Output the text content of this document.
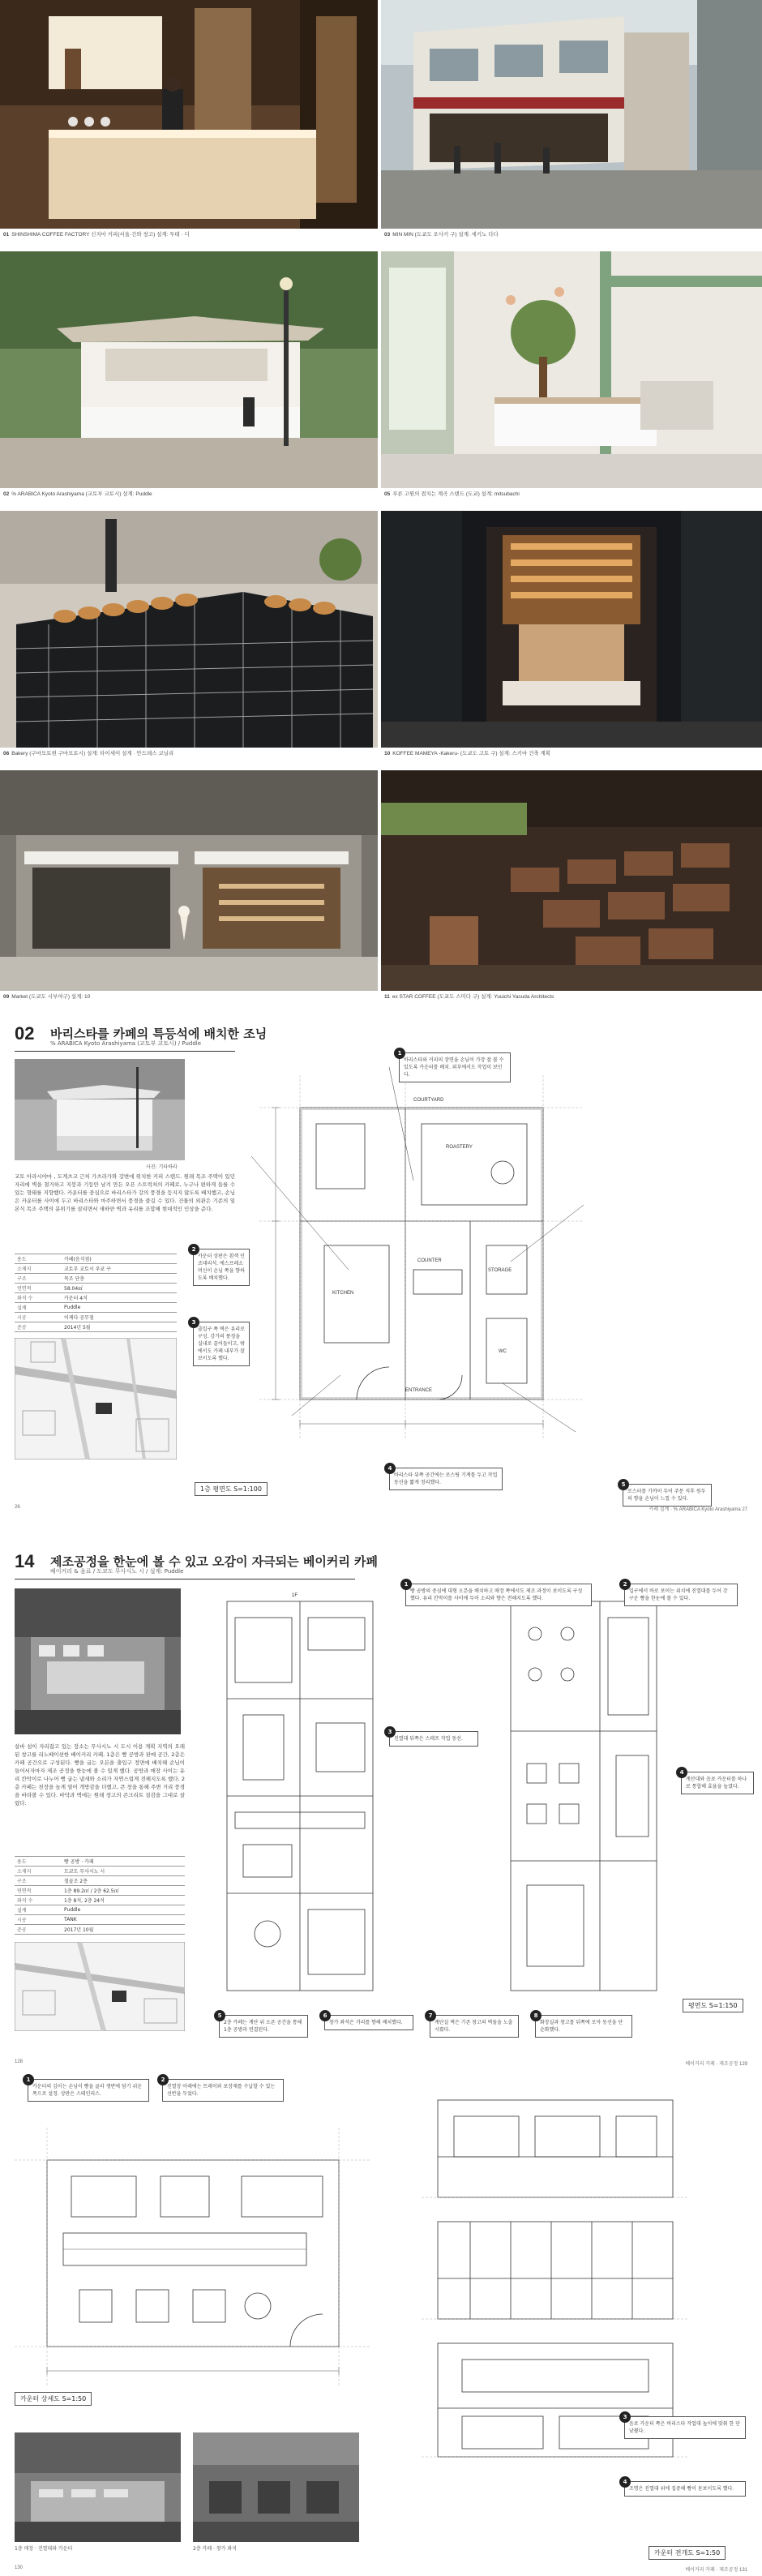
01 SHINSHIMA COFFEE FACTORY 신지마 커피(서울·간와 창고) 설계: 투테 · 디	03 MIN MIN (도쿄도 오사키 구) 설계: 세키노 다다
02 % ARABICA Kyoto Arashiyama (교토부 교토시) 설계: Puddle	05 푸른 고원의 겹치는 계곡 스탠드 (도쿄) 설계: mitsubachi
06 Bakery (구마모토현 구마모토시) 설계: 타이세이 설계 · 안드레스 코닐리	10 KOFFEE MAMEYA -Kakeru- (도쿄도 고토 구) 설계: 스키마 건축 계획
09 Market (도쿄도 시부야구) 설계: 10	11 ex STAR COFFEE (도쿄도 스미다 구) 설계: Yuuichi Yasuda Architects
02 바리스타를 카페의 특등석에 배치한 조닝
% ARABICA Kyoto Arashiyama (교토부 교토시) / Puddle
사진: 기타하라
교토 아라시야마 , 도게츠교 근처 가츠라가와 강변에 위치한 커피 스탠드. 원래 목조 주택이 있던 자리에 벽을 철거하고 지붕과 기둥만 남겨 만든 오픈 스트럭처의 카페로, 누구나 편하게 들를 수 있는 형태를 지향했다. 카운터를 중심으로 바리스타가 강의 풍경을 등지지 않도록 배치했고, 손님은 카운터를 사이에 두고 바리스타와 마주하면서 풍경을 즐길 수 있다. 건물의 외관은 기존의 일본식 목조 주택의 분위기를 살리면서 새하얀 벽과 유리를 조합해 현대적인 인상을 준다.
용도	카페(음식점)
소재지	교토부 교토시 우쿄 구
구조	목조 단층
연면적	58.04㎡
좌석 수	카운터 4석
설계	Puddle
시공	이케다 공무점
준공	2014년 5월
COURTYARD
ROASTERY
KITCHEN
COUNTER
ENTRANCE
STORAGE
WC
1
바리스타와 커피의 장면을 손님이 가장 잘 볼 수 있도록 카운터를 배치. 외부에서도 작업이 보인다.
2
카운터 상판은 흰색 인조대리석. 에스프레소 머신이 손님 쪽을 향하도록 배치했다.
3
출입구 쪽 벽은 유리로 구성. 강가의 풍경을 실내로 끌어들이고, 밖에서도 카페 내부가 잘 보이도록 했다.
4
바리스타 뒤쪽 공간에는 로스팅 기계를 두고 작업 동선을 짧게 정리했다.	5
로스터를 가까이 두어 주문 직후 원두의 향을 손님이 느낄 수 있다.
1층 평면도 S=1:100
26	카페 설계 · % ARABICA Kyoto Arashiyama 27
14 제조공정을 한눈에 볼 수 있고 오감이 자극되는 베이커리 카페
베이커리 & 음료 / 도쿄도 무사시노 시 / 설계: Puddle
살바 섬이 자리잡고 있는 장소는 무사시노 시 도시 이용 계획 지역의 오래된 창고를 리노베이션한 베이커리 카페. 1층은 빵 공방과 판매 공간, 2층은 카페 공간으로 구성된다. 빵을 굽는 오븐을 출입구 정면에 배치해 손님이 들어서자마자 제조 공정을 한눈에 볼 수 있게 했다. 공방과 매장 사이는 유리 칸막이로 나누어 빵 굽는 냄새와 소리가 자연스럽게 전해지도록 했다. 2층 카페는 천장을 높게 열어 개방감을 더했고, 큰 창을 통해 주변 거리 풍경을 바라볼 수 있다. 바닥과 벽에는 원래 창고의 콘크리트 질감을 그대로 살렸다.
용도	빵 공방 · 카페
소재지	도쿄도 무사시노 시
구조	철골조 2층
연면적	1층 89.2㎡ / 2층 62.5㎡
좌석 수	1층 8석, 2층 24석
설계	Puddle
시공	TANK
준공	2017년 10월
1F
1
빵 공방의 중심에 대형 오븐을 배치하고 매장 쪽에서도 제조 과정이 보이도록 구성했다. 유리 칸막이를 사이에 두어 소리와 향은 전해지도록 했다.
2
입구에서 바로 보이는 위치에 진열대를 두어 갓 구운 빵을 한눈에 볼 수 있다.
3
진열대 뒤쪽은 스태프 작업 동선.
4
계산대와 음료 카운터를 하나로 통합해 효율을 높였다.
5
2층 카페는 계단 위 오픈 공간을 통해 1층 공방과 연결된다.
6
창가 좌석은 거리를 향해 배치했다.
7
계단실 벽은 기존 창고의 벽돌을 노출시켰다.
8
화장실과 창고를 뒤쪽에 모아 동선을 단순화했다.
평면도 S=1:150
128	베이커리 카페 · 제조공정 129
1
카운터의 깊이는 손님이 빵을 골라 쟁반에 담기 쉬운 폭으로 설정. 상판은 스테인리스.
2
진열장 아래에는 트레이와 포장재를 수납할 수 있는 선반을 두었다.
카운터 상세도 S=1:50
1층 매장 · 진열대와 카운터	2층 카페 · 창가 좌석
3
음료 카운터 쪽은 바리스타 작업대 높이에 맞춰 한 단 낮췄다.
4
조명은 진열대 위에 집중해 빵이 돋보이도록 했다.
카운터 전개도 S=1:50
130	베이커리 카페 · 제조공정 131
